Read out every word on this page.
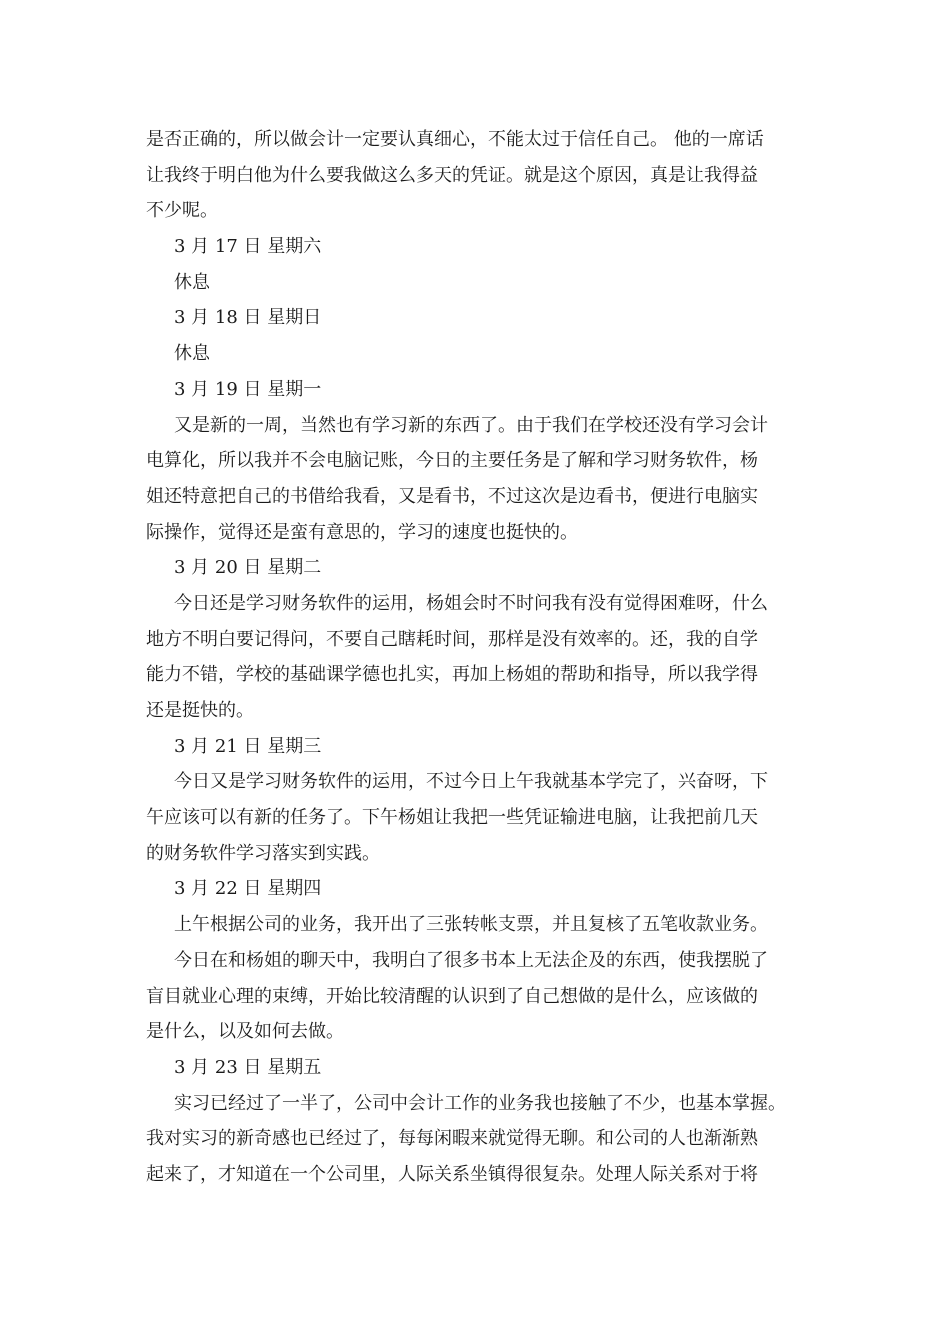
是否正确的，所以做会计一定要认真细心，不能太过于信任自己。 他的一席话
让我终于明白他为什么要我做这么多天的凭证。就是这个原因，真是让我得益
不少呢。
3 月 17 日 星期六
休息
3 月 18 日 星期日
休息
3 月 19 日 星期一
又是新的一周，当然也有学习新的东西了。由于我们在学校还没有学习会计
电算化，所以我并不会电脑记账，今日的主要任务是了解和学习财务软件，杨
姐还特意把自己的书借给我看，又是看书，不过这次是边看书，便进行电脑实
际操作，觉得还是蛮有意思的，学习的速度也挺快的。
3 月 20 日 星期二
今日还是学习财务软件的运用，杨姐会时不时问我有没有觉得困难呀，什么
地方不明白要记得问，不要自己瞎耗时间，那样是没有效率的。还，我的自学
能力不错，学校的基础课学德也扎实，再加上杨姐的帮助和指导，所以我学得
还是挺快的。
3 月 21 日 星期三
今日又是学习财务软件的运用，不过今日上午我就基本学完了，兴奋呀，下
午应该可以有新的任务了。下午杨姐让我把一些凭证输进电脑，让我把前几天
的财务软件学习落实到实践。
3 月 22 日 星期四
上午根据公司的业务，我开出了三张转帐支票，并且复核了五笔收款业务。
今日在和杨姐的聊天中，我明白了很多书本上无法企及的东西，使我摆脱了
盲目就业心理的束缚，开始比较清醒的认识到了自己想做的是什么，应该做的
是什么，以及如何去做。
3 月 23 日 星期五
实习已经过了一半了，公司中会计工作的业务我也接触了不少，也基本掌握。
我对实习的新奇感也已经过了，每每闲暇来就觉得无聊。和公司的人也渐渐熟
起来了，才知道在一个公司里，人际关系坐镇得很复杂。处理人际关系对于将
